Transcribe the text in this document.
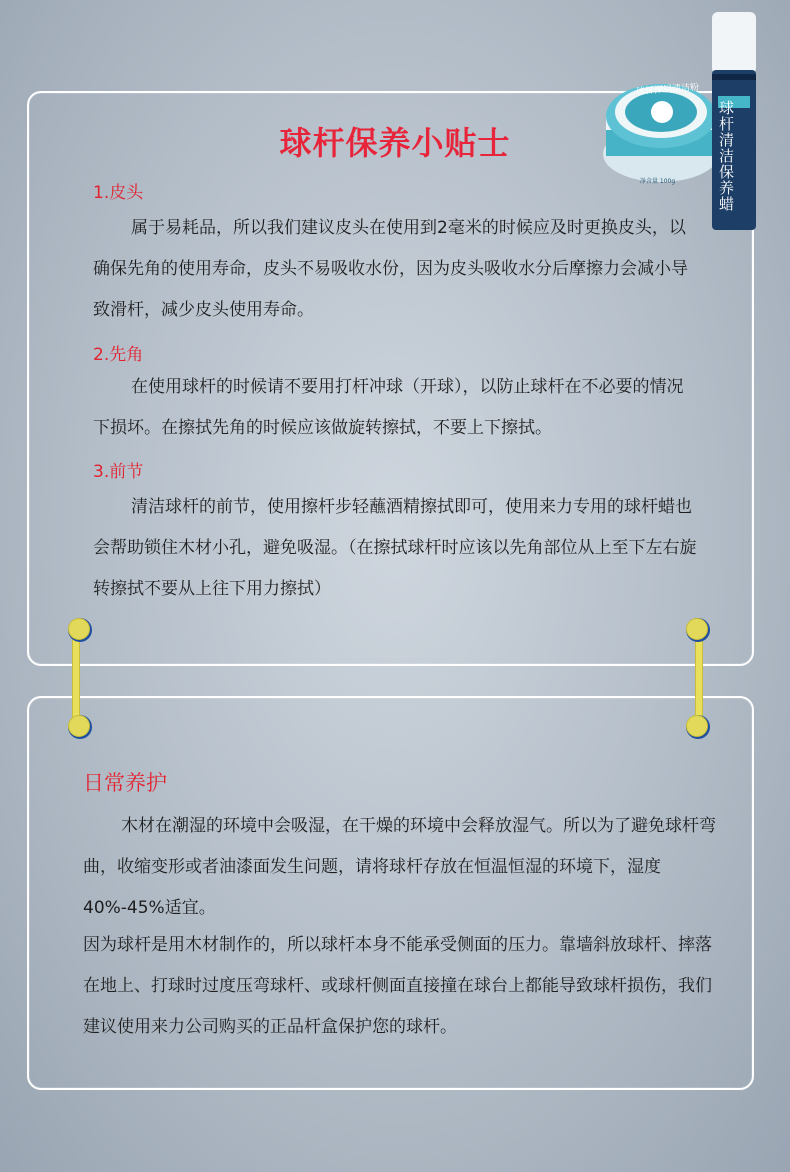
球杆深层清洁粉
净含量 100g	球杆清洁保养蜡
球杆保养小贴士
1.皮头
属于易耗品，所以我们建议皮头在使用到2毫米的时候应及时更换皮头，以确保先角的使用寿命，皮头不易吸收水份，因为皮头吸收水分后摩擦力会减小导致滑杆，减少皮头使用寿命。
2.先角
在使用球杆的时候请不要用打杆冲球（开球），以防止球杆在不必要的情况下损坏。在擦拭先角的时候应该做旋转擦拭，不要上下擦拭。
3.前节
清洁球杆的前节，使用擦杆步轻蘸酒精擦拭即可，使用来力专用的球杆蜡也会帮助锁住木材小孔，避免吸湿。（在擦拭球杆时应该以先角部位从上至下左右旋转擦拭不要从上往下用力擦拭）
日常养护
木材在潮湿的环境中会吸湿，在干燥的环境中会释放湿气。所以为了避免球杆弯曲，收缩变形或者油漆面发生问题，请将球杆存放在恒温恒湿的环境下，湿度40%-45%适宜。
因为球杆是用木材制作的，所以球杆本身不能承受侧面的压力。靠墙斜放球杆、摔落在地上、打球时过度压弯球杆、或球杆侧面直接撞在球台上都能导致球杆损伤，我们建议使用来力公司购买的正品杆盒保护您的球杆。
